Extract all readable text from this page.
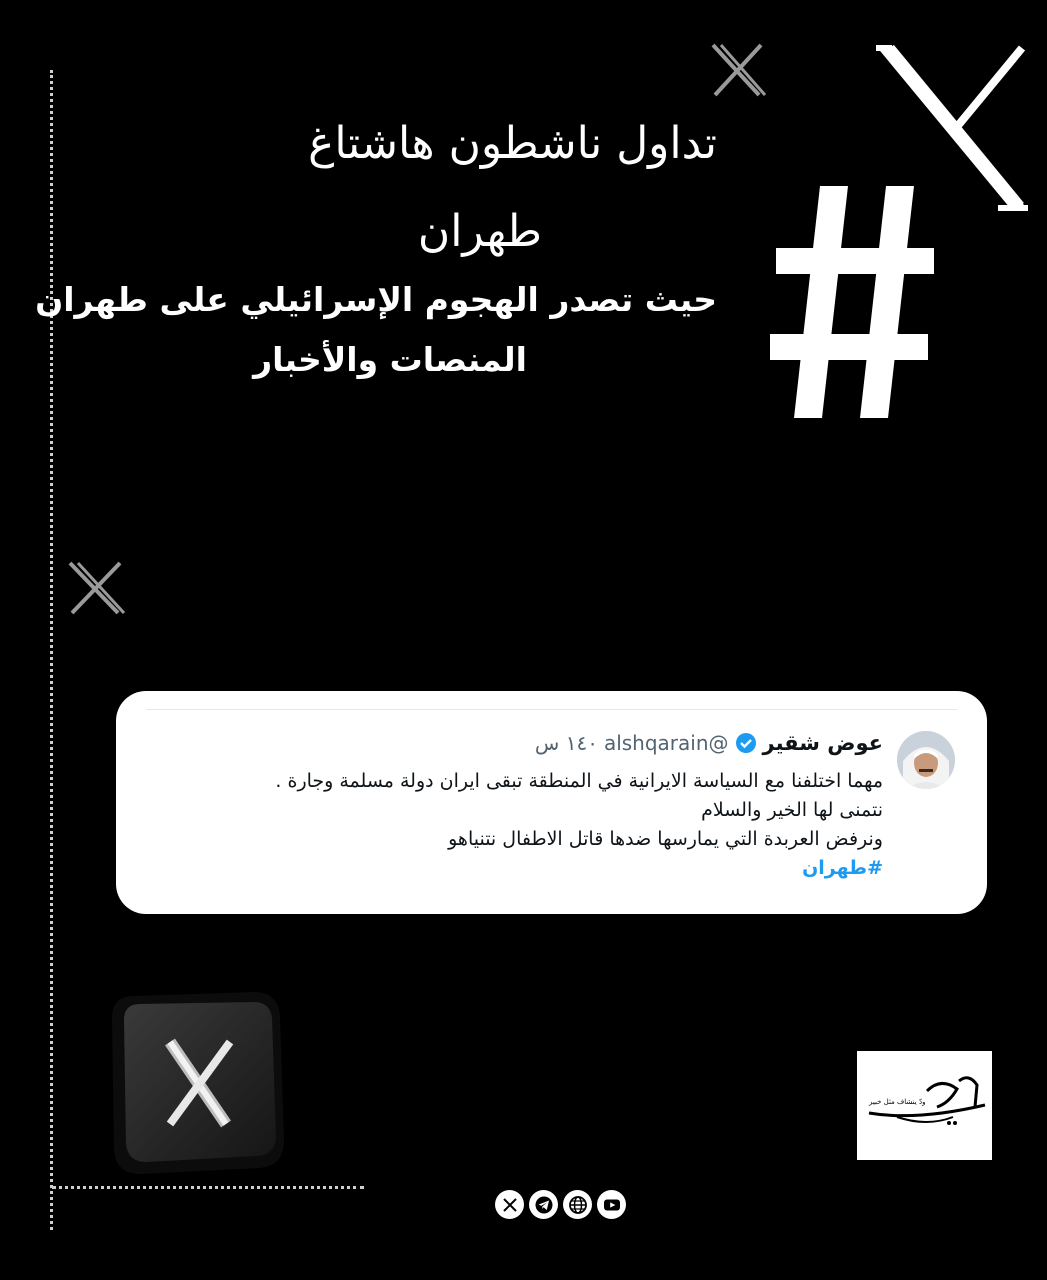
تداول ناشطون هاشتاغ
طهران
حيث تصدر الهجوم الإسرائيلي على طهران
المنصات والأخبار
عوض شقير
@alshqarain
١٤٠ س
مهما اختلفنا مع السياسة الايرانية في المنطقة تبقى ايران دولة مسلمة وجارة .
نتمنى لها الخير والسلام
ونرفض العربدة التي يمارسها ضدها قاتل الاطفال نتنياهو
#طهران
ودّ ينشاف مثل خبير
